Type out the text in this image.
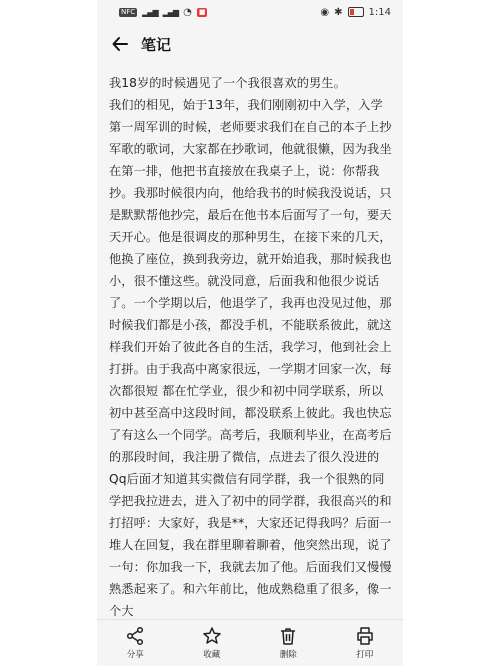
NFC ▂▄▆ ▂▄▆ ◔ ■	◉ ✱	1:14
笔记

我18岁的时候遇见了一个我很喜欢的男生。

我们的相见，始于13年，我们刚刚初中入学，入学第一周军训的时候，老师要求我们在自己的本子上抄军歌的歌词，大家都在抄歌词，他就很懒，因为我坐在第一排，他把书直接放在我桌子上，说：你帮我抄。我那时候很内向，他给我书的时候我没说话，只是默默帮他抄完，最后在他书本后面写了一句，要天天开心。他是很调皮的那种男生，在接下来的几天，他换了座位，换到我旁边，就开始追我，那时候我也小，很不懂这些。就没同意，后面我和他很少说话了。一个学期以后，他退学了，我再也没见过他，那时候我们都是小孩，都没手机，不能联系彼此，就这样我们开始了彼此各自的生活，我学习，他到社会上打拼。由于我高中离家很远，一学期才回家一次，每次都很短 都在忙学业，很少和初中同学联系，所以初中甚至高中这段时间，都没联系上彼此。我也快忘了有这么一个同学。高考后，我顺利毕业，在高考后的那段时间，我注册了微信，点进去了很久没进的Qq后面才知道其实微信有同学群，我一个很熟的同学把我拉进去，进入了初中的同学群，我很高兴的和打招呼：大家好，我是**，大家还记得我吗？后面一堆人在回复，我在群里聊着聊着，他突然出现，说了一句：你加我一下，我就去加了他。后面我们又慢慢熟悉起来了。和六年前比，他成熟稳重了很多，像一个大

分享	收藏	删除	打印
